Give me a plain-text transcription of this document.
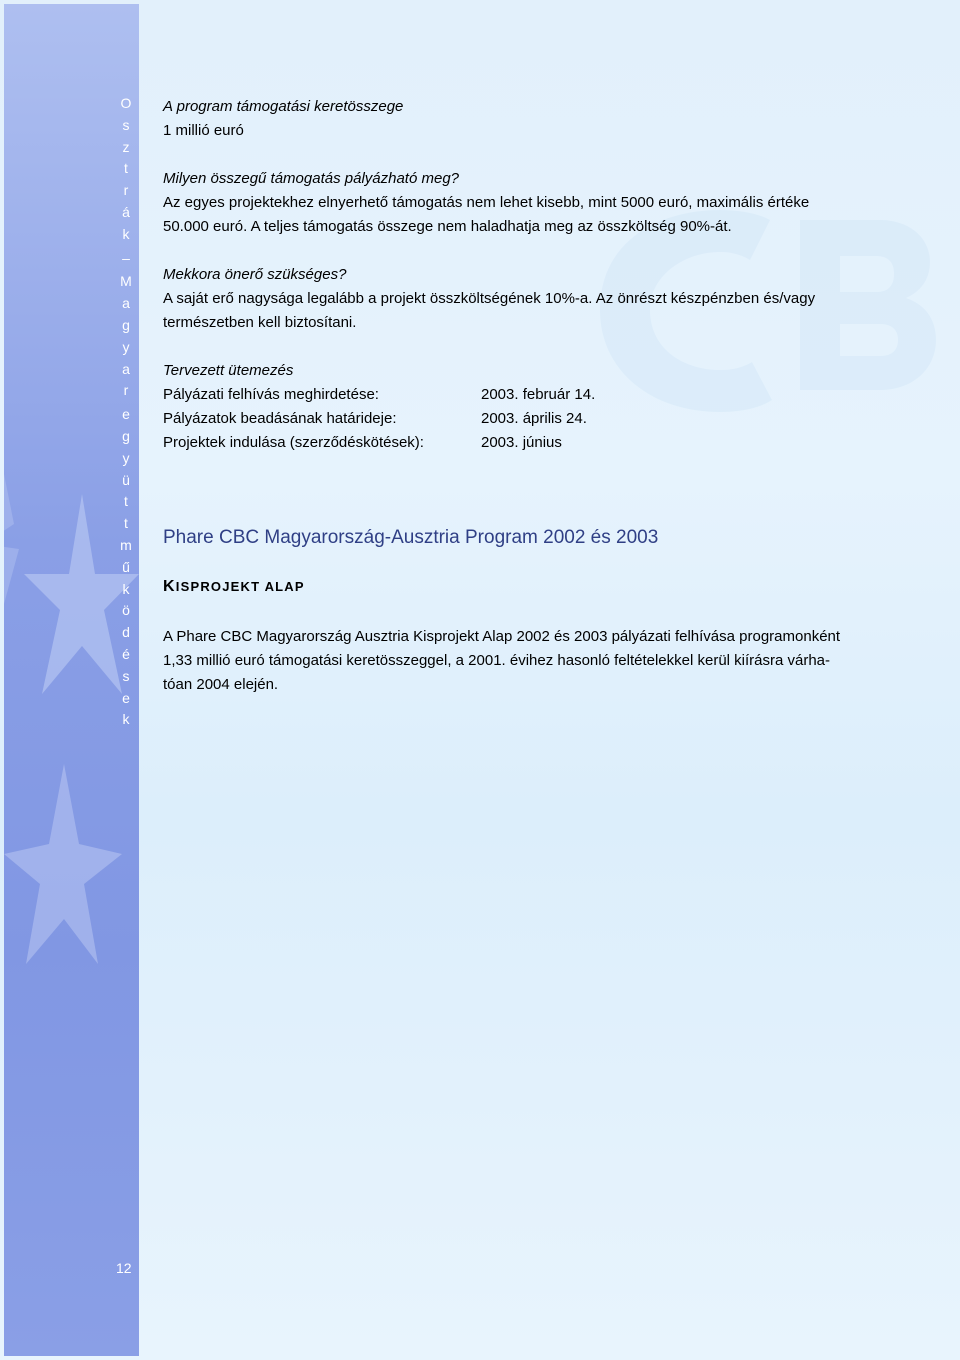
O
s
z
t
r
á
k
–
M
a
g
y
a
r
e
g
y
ü
t
t
m
ű
k
ö
d
é
s
e
k
12

A program támogatási keretösszege

1 millió euró

Milyen összegű támogatás pályázható meg?

Az egyes projektekhez elnyerhető támogatás nem lehet kisebb, mint 5000 euró, maximális értéke

50.000 euró. A teljes támogatás összege nem haladhatja meg az összköltség 90%-át.

Mekkora önerő szükséges?

A saját erő nagysága legalább a projekt összköltségének 10%-a. Az önrészt készpénzben és/vagy

természetben kell biztosítani.

Tervezett ütemezés

Pályázati felhívás meghirdetése:	2003. február 14.
Pályázatok beadásának határideje:	2003. április 24.
Projektek indulása (szerződéskötések):	2003. június

Phare CBC Magyarország-Ausztria Program 2002 és 2003

KISPROJEKT ALAP

A Phare CBC Magyarország Ausztria Kisprojekt Alap 2002 és 2003 pályázati felhívása programonként

1,33 millió euró támogatási keretösszeggel, a 2001. évihez hasonló feltételekkel kerül kiírásra várha-

tóan 2004 elején.
